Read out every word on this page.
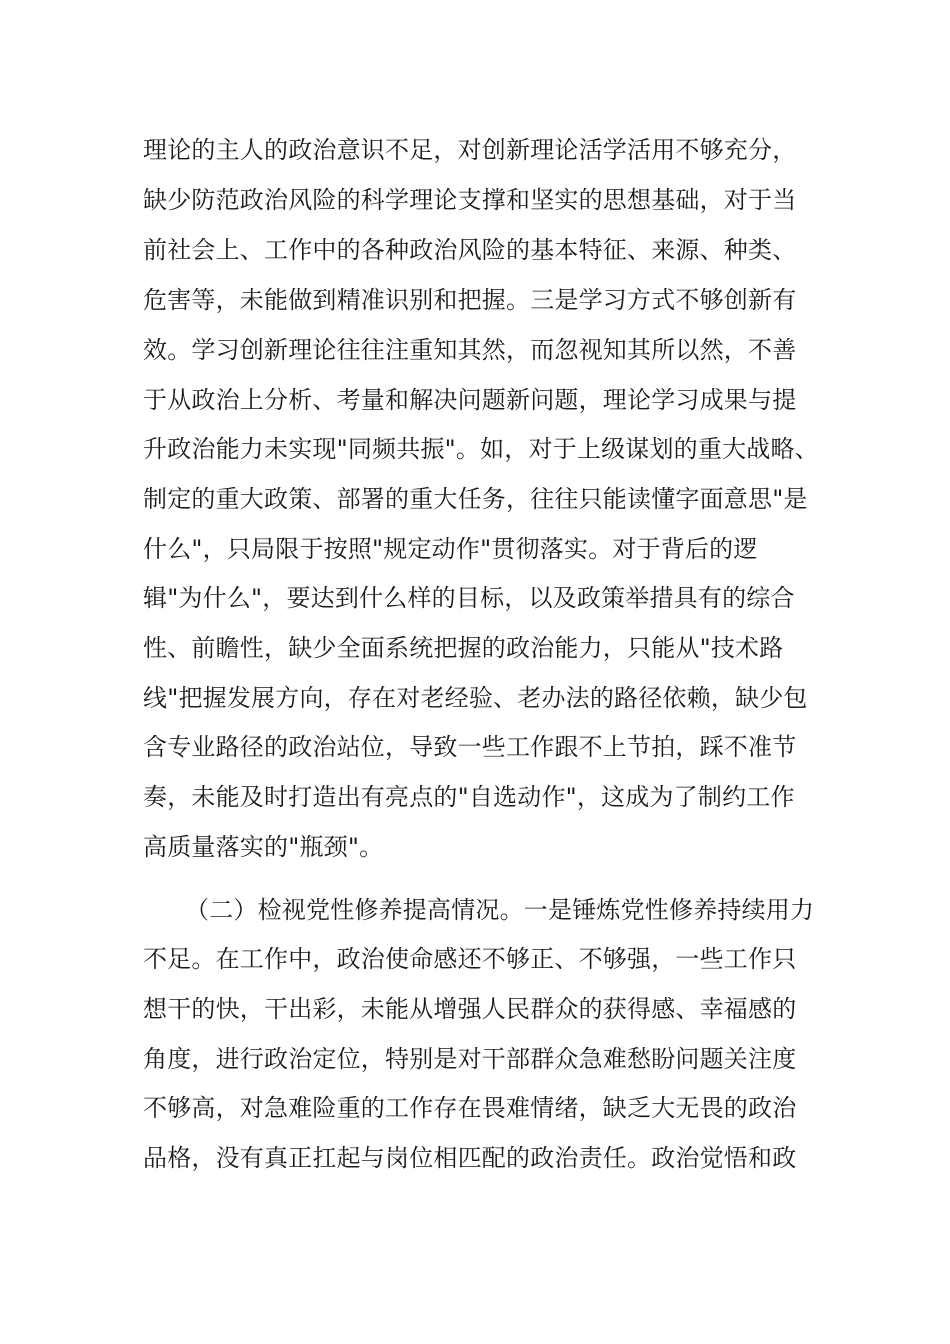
理论的主人的政治意识不足，对创新理论活学活用不够充分，
缺少防范政治风险的科学理论支撑和坚实的思想基础，对于当
前社会上、工作中的各种政治风险的基本特征、来源、种类、
危害等，未能做到精准识别和把握。三是学习方式不够创新有
效。学习创新理论往往注重知其然，而忽视知其所以然，不善
于从政治上分析、考量和解决问题新问题，理论学习成果与提
升政治能力未实现"同频共振"。如，对于上级谋划的重大战略、
制定的重大政策、部署的重大任务，往往只能读懂字面意思"是
什么"，只局限于按照"规定动作"贯彻落实。对于背后的逻
辑"为什么"，要达到什么样的目标，以及政策举措具有的综合
性、前瞻性，缺少全面系统把握的政治能力，只能从"技术路
线"把握发展方向，存在对老经验、老办法的路径依赖，缺少包
含专业路径的政治站位，导致一些工作跟不上节拍，踩不准节
奏，未能及时打造出有亮点的"自选动作"，这成为了制约工作
高质量落实的"瓶颈"。
（二）检视党性修养提高情况。一是锤炼党性修养持续用力
不足。在工作中，政治使命感还不够正、不够强，一些工作只
想干的快，干出彩，未能从增强人民群众的获得感、幸福感的
角度，进行政治定位，特别是对干部群众急难愁盼问题关注度
不够高，对急难险重的工作存在畏难情绪，缺乏大无畏的政治
品格，没有真正扛起与岗位相匹配的政治责任。政治觉悟和政
